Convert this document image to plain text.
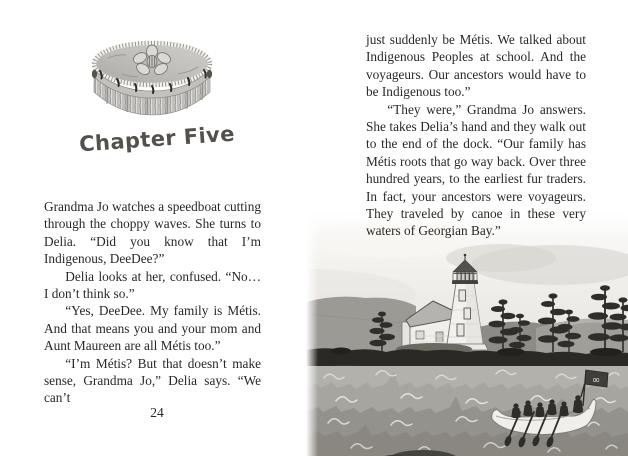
Chapter Five

Grandma Jo watches a speedboat cutting through the choppy waves. She turns to Delia. “Did you know that I’m Indigenous, DeeDee?”

Delia looks at her, confused. “No… I don’t think so.”

“Yes, DeeDee. My family is Métis. And that means you and your mom and Aunt Maureen are all Métis too.”

“I’m Métis? But that doesn’t make sense, Grandma Jo,” Delia says. “We can’t

24

just suddenly be Métis. We talked about Indigenous Peoples at school. And the voyageurs. Our ancestors would have to be Indigenous too.”

“They were,” Grandma Jo answers. She takes Delia’s hand and they walk out to the end of the dock. “Our family has Métis roots that go way back. Over three hundred years, to the earliest fur traders. In fact, your ancestors were voyageurs. They traveled by canoe in these very waters of Georgian Bay.”

∞
